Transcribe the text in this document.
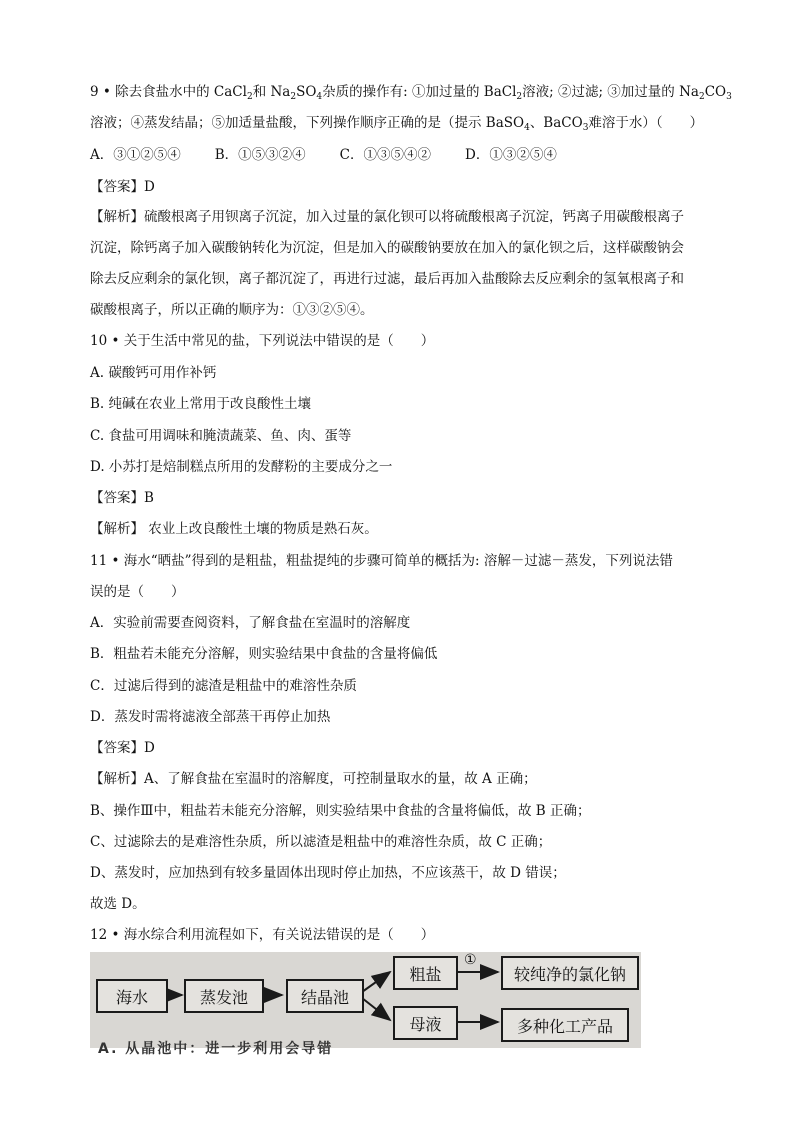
9 • 除去食盐水中的 CaCl$_2$和 $Na_2SO_4$杂质的操作有: ①加过量的 BaCl$_2$溶液; ②过滤; ③加过量的 $Na_2CO_3$
溶液；④蒸发结晶；⑤加适量盐酸，下列操作顺序正确的是（提示 BaSO$_4$、BaCO$_3$难溶于水）（　　）
A．③①②⑤④	B．①⑤③②④	C．①③⑤④②	D．①③②⑤④
【答案】D
【解析】硫酸根离子用钡离子沉淀，加入过量的氯化钡可以将硫酸根离子沉淀，钙离子用碳酸根离子
沉淀，除钙离子加入碳酸钠转化为沉淀，但是加入的碳酸钠要放在加入的氯化钡之后，这样碳酸钠会
除去反应剩余的氯化钡，离子都沉淀了，再进行过滤，最后再加入盐酸除去反应剩余的氢氧根离子和
碳酸根离子，所以正确的顺序为：①③②⑤④。
10 • 关于生活中常见的盐，下列说法中错误的是（　　）
A. 碳酸钙可用作补钙
B. 纯碱在农业上常用于改良酸性土壤
C. 食盐可用调味和腌渍蔬菜、鱼、肉、蛋等
D. 小苏打是焙制糕点所用的发酵粉的主要成分之一
【答案】B
【解析】 农业上改良酸性土壤的物质是熟石灰。
11 • 海水“晒盐”得到的是粗盐，粗盐提纯的步骤可简单的概括为: 溶解－过滤－蒸发，下列说法错
误的是（　　）
A．实验前需要查阅资料，了解食盐在室温时的溶解度
B．粗盐若未能充分溶解，则实验结果中食盐的含量将偏低
C．过滤后得到的滤渣是粗盐中的难溶性杂质
D．蒸发时需将滤液全部蒸干再停止加热
【答案】D
【解析】A、了解食盐在室温时的溶解度，可控制量取水的量，故 A 正确；
B、操作Ⅲ中，粗盐若未能充分溶解，则实验结果中食盐的含量将偏低，故 B 正确；
C、过滤除去的是难溶性杂质，所以滤渣是粗盐中的难溶性杂质，故 C 正确；
D、蒸发时，应加热到有较多量固体出现时停止加热，不应该蒸干，故 D 错误；
故选 D。
12 • 海水综合利用流程如下，有关说法错误的是（　　）
海水	蒸发池	结晶池
粗盐
①
较纯净的氯化钠
母液	多种化工产品
A. 从晶池中：进一步利用会导错
